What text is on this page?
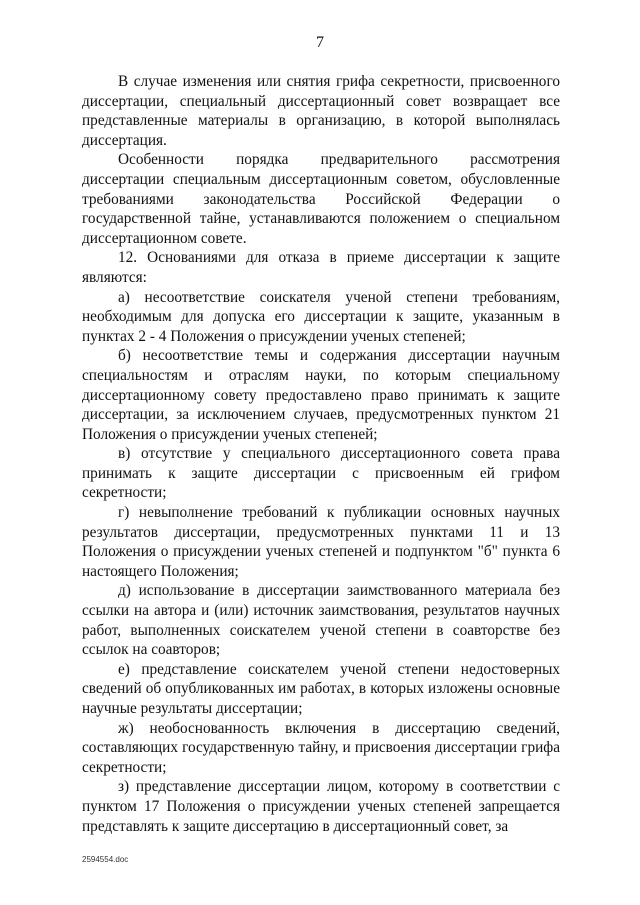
7

В случае изменения или снятия грифа секретности, присвоенного диссертации, специальный диссертационный совет возвращает все представленные материалы в организацию, в которой выполнялась диссертация.

Особенности порядка предварительного рассмотрения диссертации специальным диссертационным советом, обусловленные требованиями законодательства Российской Федерации о государственной тайне, устанавливаются положением о специальном диссертационном совете.

12. Основаниями для отказа в приеме диссертации к защите являются:

а) несоответствие соискателя ученой степени требованиям, необходимым для допуска его диссертации к защите, указанным в пунктах 2 - 4 Положения о присуждении ученых степеней;

б) несоответствие темы и содержания диссертации научным специальностям и отраслям науки, по которым специальному диссертационному совету предоставлено право принимать к защите диссертации, за исключением случаев, предусмотренных пунктом 21 Положения о присуждении ученых степеней;

в) отсутствие у специального диссертационного совета права принимать к защите диссертации с присвоенным ей грифом секретности;

г) невыполнение требований к публикации основных научных результатов диссертации, предусмотренных пунктами 11 и 13 Положения о присуждении ученых степеней и подпунктом "б" пункта 6 настоящего Положения;

д) использование в диссертации заимствованного материала без ссылки на автора и (или) источник заимствования, результатов научных работ, выполненных соискателем ученой степени в соавторстве без ссылок на соавторов;

е) представление соискателем ученой степени недостоверных сведений об опубликованных им работах, в которых изложены основные научные результаты диссертации;

ж) необоснованность включения в диссертацию сведений, составляющих государственную тайну, и присвоения диссертации грифа секретности;

з) представление диссертации лицом, которому в соответствии с пунктом 17 Положения о присуждении ученых степеней запрещается представлять к защите диссертацию в диссертационный совет, за

2594554.doc
